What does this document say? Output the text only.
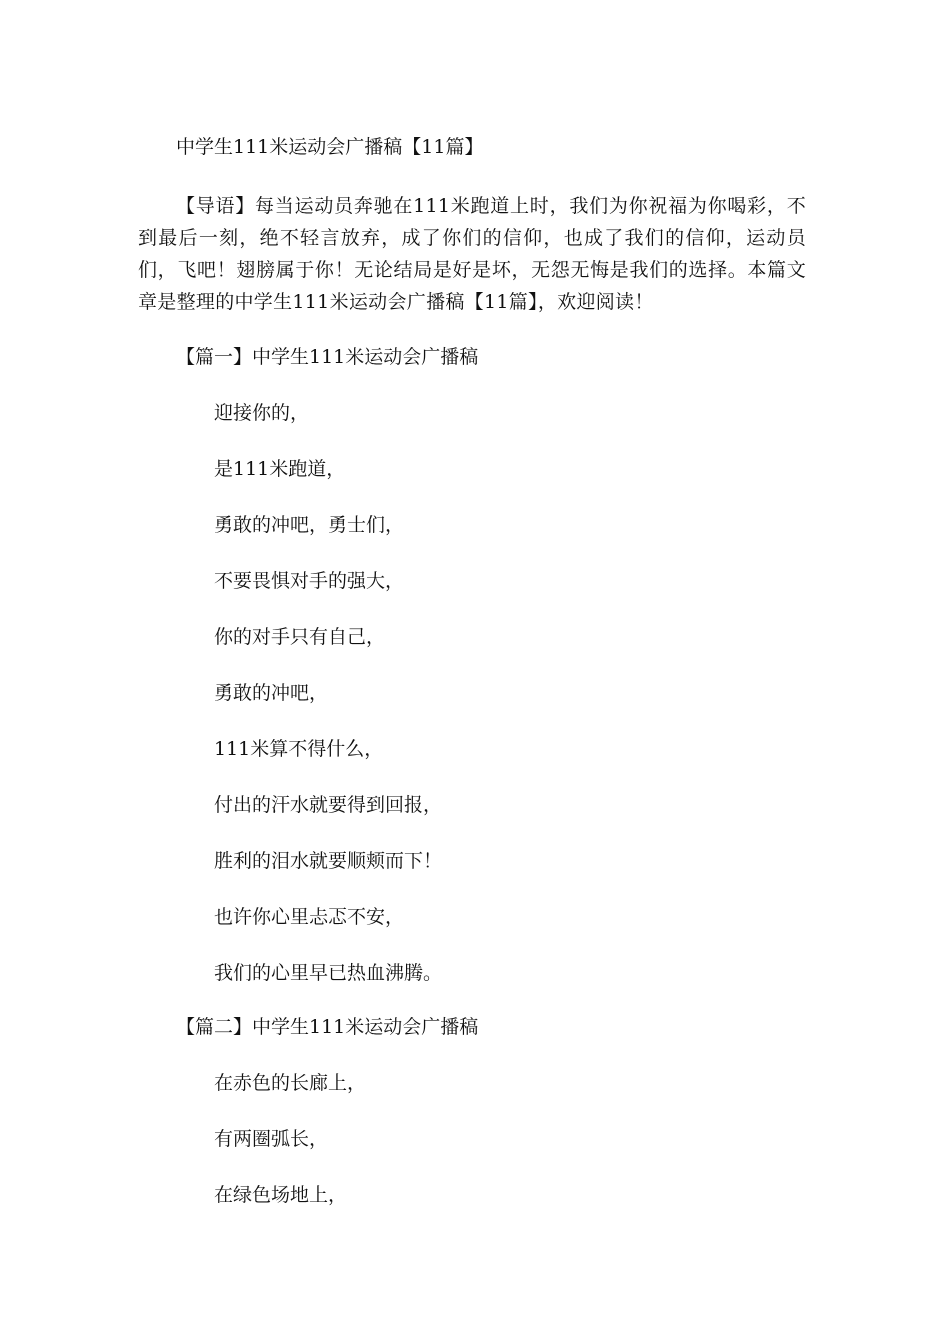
中学生111米运动会广播稿【11篇】

【导语】每当运动员奔驰在111米跑道上时，我们为你祝福为你喝彩，不到最后一刻，绝不轻言放弃，成了你们的信仰，也成了我们的信仰，运动员们，飞吧！翅膀属于你！无论结局是好是坏，无怨无悔是我们的选择。本篇文章是整理的中学生111米运动会广播稿【11篇】，欢迎阅读！

【篇一】中学生111米运动会广播稿

迎接你的，

是111米跑道，

勇敢的冲吧，勇士们，

不要畏惧对手的强大，

你的对手只有自己，

勇敢的冲吧，

111米算不得什么，

付出的汗水就要得到回报，

胜利的泪水就要顺颊而下！

也许你心里忐忑不安，

我们的心里早已热血沸腾。

【篇二】中学生111米运动会广播稿

在赤色的长廊上，

有两圈弧长，

在绿色场地上，
